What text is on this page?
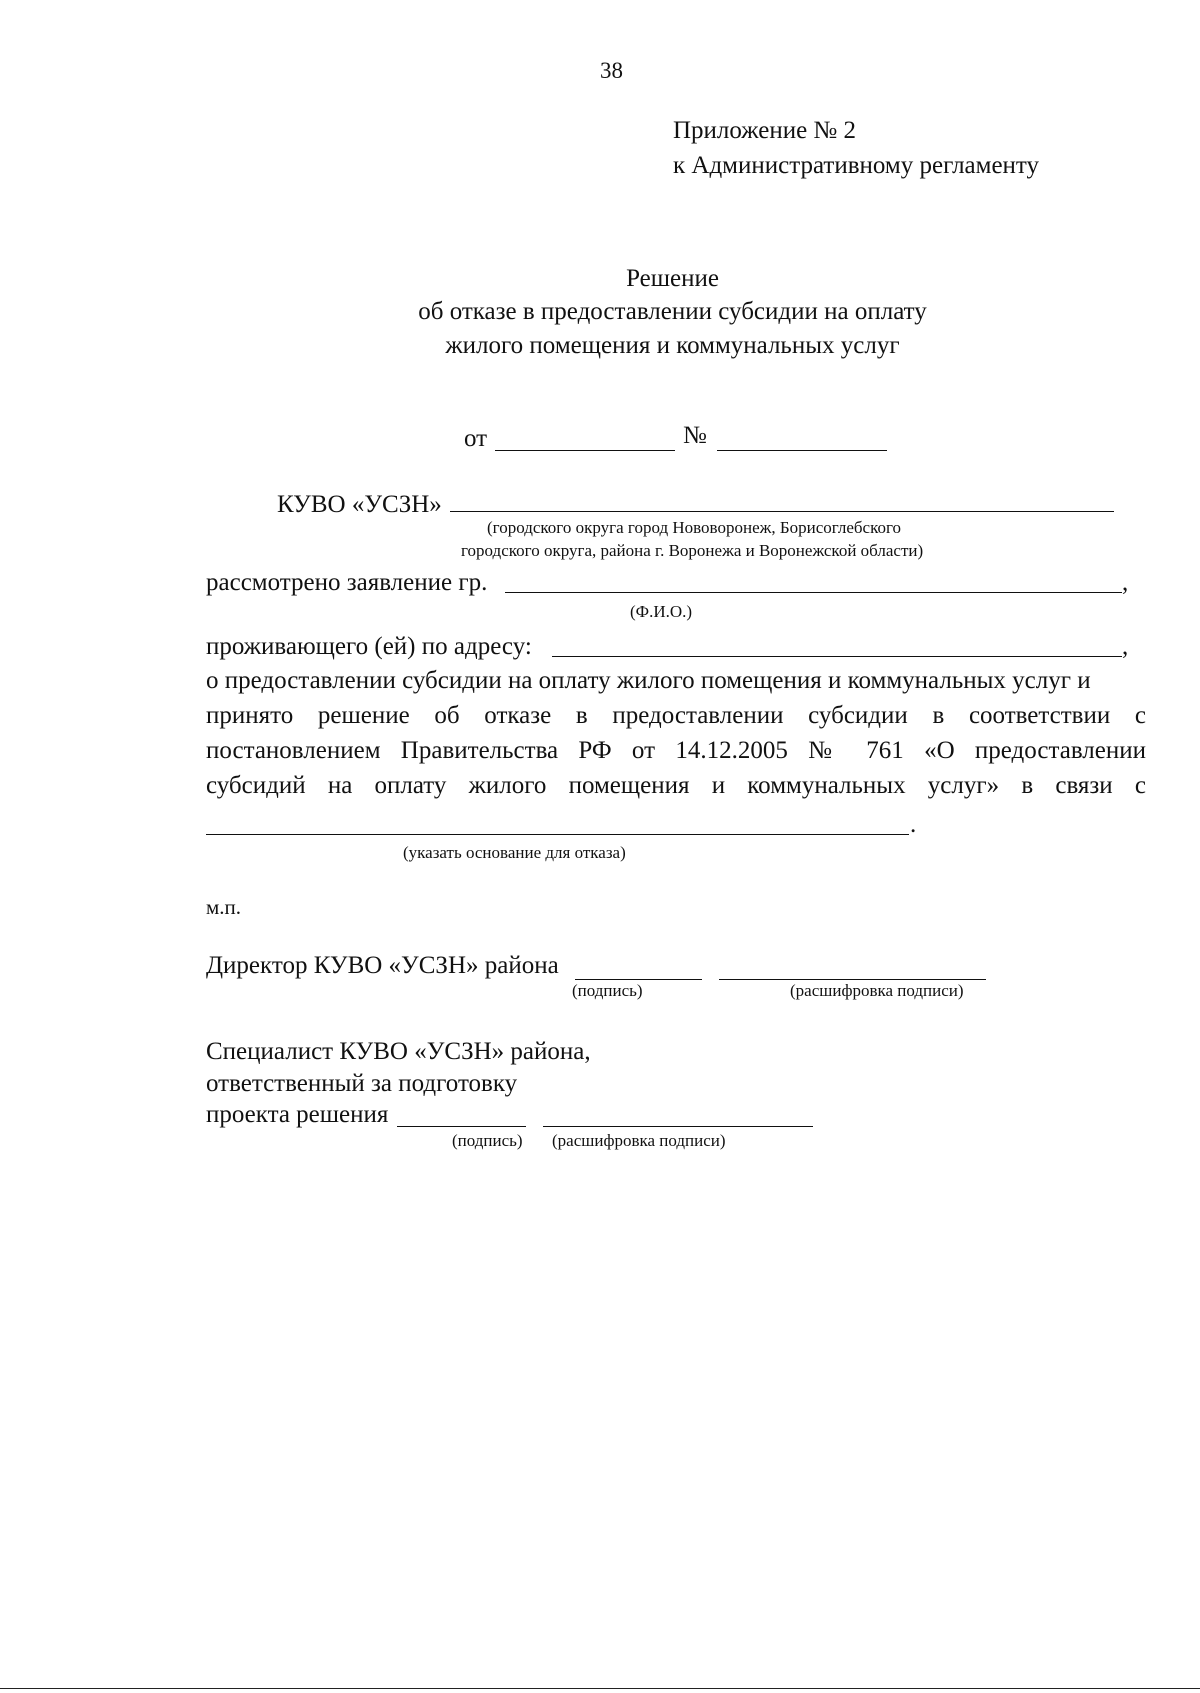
38
Приложение № 2
к Административному регламенту
Решение
об отказе в предоставлении субсидии на оплату
жилого помещения и коммунальных услуг
от	№
КУВО «УСЗН»
(городского округа город Нововоронеж, Борисоглебского
городского округа, района г. Воронежа и Воронежской области)
рассмотрено заявление гр.	,
(Ф.И.О.)
проживающего (ей) по адресу:	,
о предоставлении субсидии на оплату жилого помещения и коммунальных услуг и
принято решение об отказе в предоставлении субсидии в соответствии с
постановлением Правительства РФ от 14.12.2005 № 761 «О предоставлении
субсидий на оплату жилого помещения и коммунальных услуг» в связи с
.
(указать основание для отказа)
м.п.
Директор КУВО «УСЗН» района
(подпись)	(расшифровка подписи)
Специалист КУВО «УСЗН» района,
ответственный за подготовку
проекта решения
(подпись) (расшифровка подписи)
